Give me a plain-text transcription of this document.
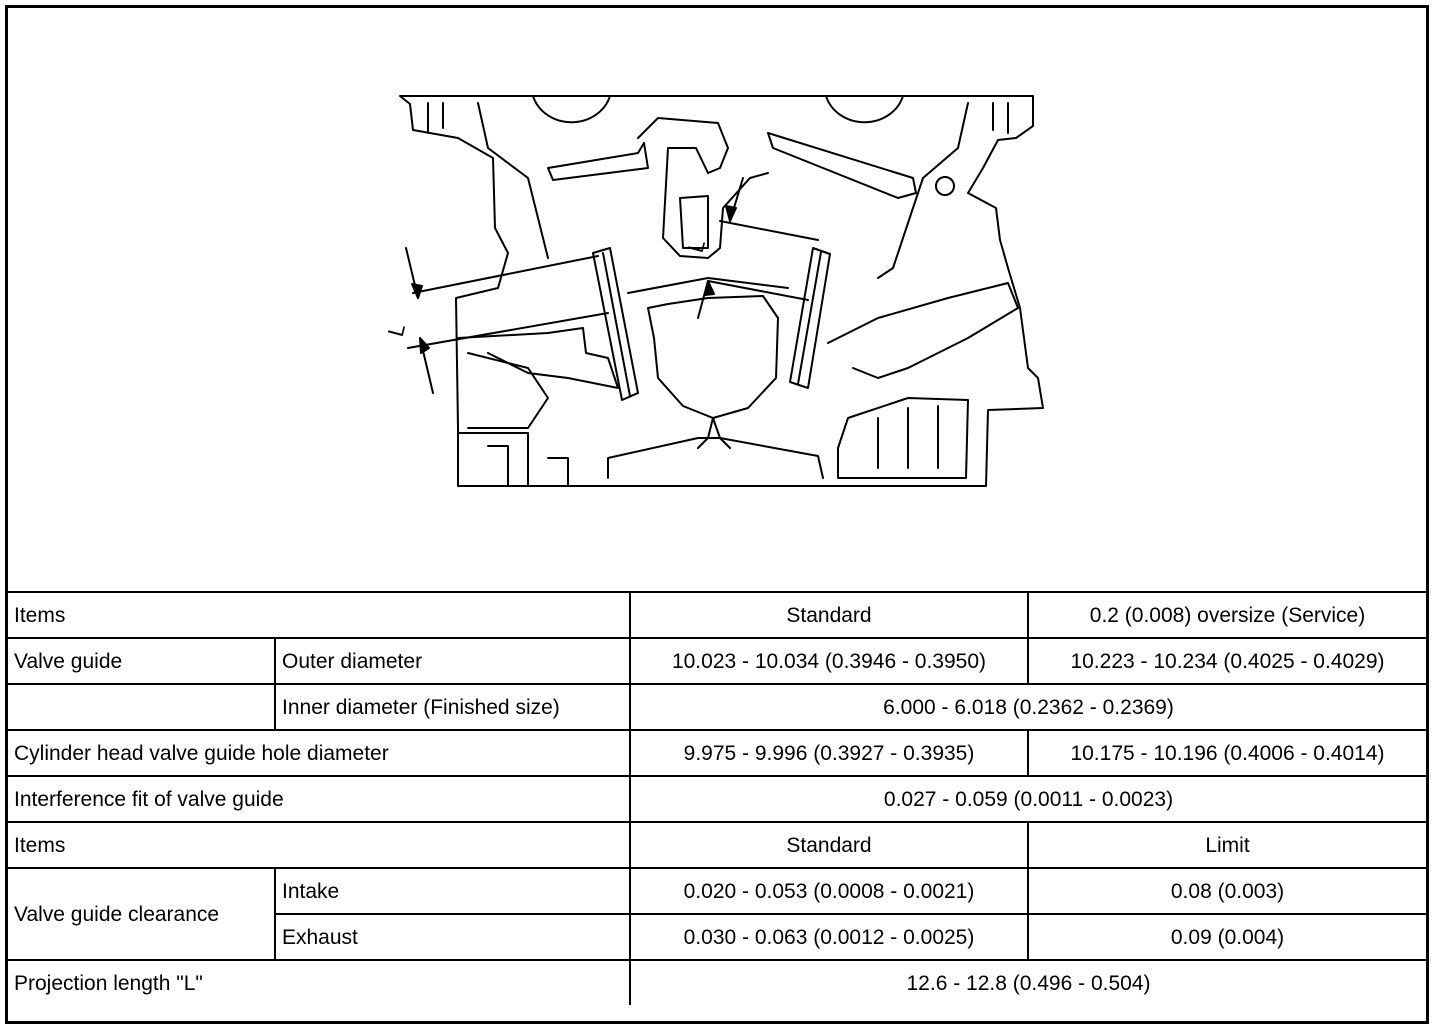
L
L
Items		Standard	0.2 (0.008) oversize (Service)
Valve guide	Outer diameter	10.023 - 10.034 (0.3946 - 0.3950)	10.223 - 10.234 (0.4025 - 0.4029)
	Inner diameter (Finished size)	6.000 - 6.018 (0.2362 - 0.2369)	
Cylinder head valve guide hole diameter		9.975 - 9.996 (0.3927 - 0.3935)	10.175 - 10.196 (0.4006 - 0.4014)
Interference fit of valve guide		0.027 - 0.059 (0.0011 - 0.0023)	
Items		Standard	Limit
Valve guide clearance	Intake	0.020 - 0.053 (0.0008 - 0.0021)	0.08 (0.003)
	Exhaust	0.030 - 0.063 (0.0012 - 0.0025)	0.09 (0.004)
Projection length "L"		12.6 - 12.8 (0.496 - 0.504)	
